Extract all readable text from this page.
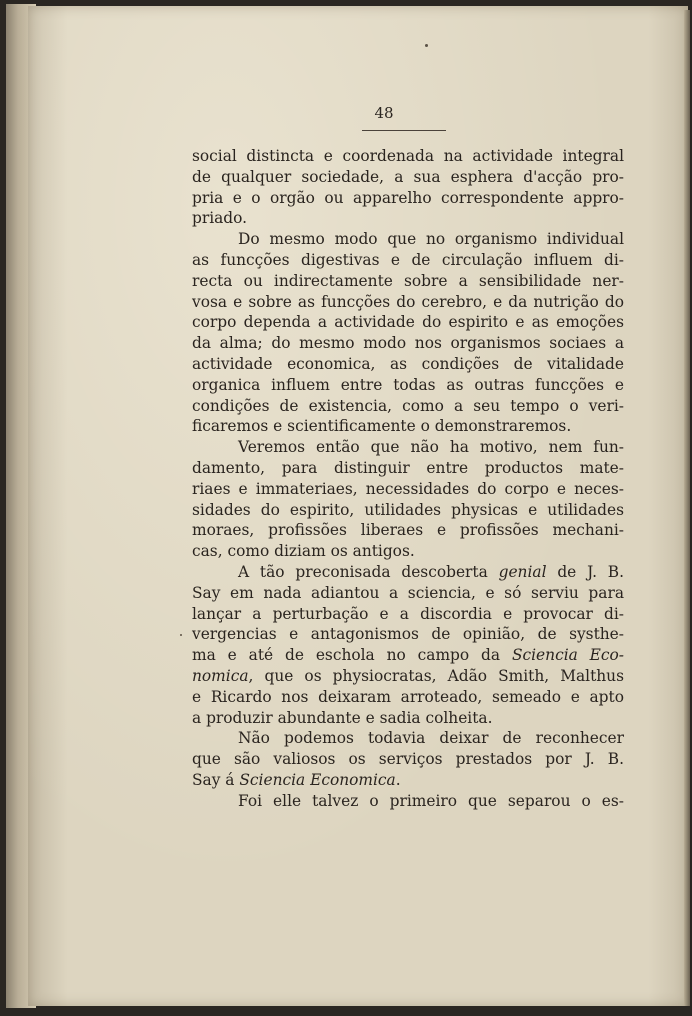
48
social distincta e coordenada na actividade integral
de qualquer sociedade, a sua esphera d'acção pro-
pria e o orgão ou apparelho correspondente appro-
priado.
Do mesmo modo que no organismo individual
as funcções digestivas e de circulação influem di-
recta ou indirectamente sobre a sensibilidade ner-
vosa e sobre as funcções do cerebro, e da nutrição do
corpo dependa a actividade do espirito e as emoções
da alma; do mesmo modo nos organismos sociaes a
actividade economica, as condições de vitalidade
organica influem entre todas as outras funcções e
condições de existencia, como a seu tempo o veri-
ficaremos e scientificamente o demonstraremos.
Veremos então que não ha motivo, nem fun-
damento, para distinguir entre productos mate-
riaes e immateriaes, necessidades do corpo e neces-
sidades do espirito, utilidades physicas e utilidades
moraes, profissões liberaes e profissões mechani-
cas, como diziam os antigos.
A tão preconisada descoberta genial de J. B.
Say em nada adiantou a sciencia, e só serviu para
lançar a perturbação e a discordia e provocar di-
vergencias e antagonismos de opinião, de systhe-
ma e até de eschola no campo da Sciencia Eco-
nomica, que os physiocratas, Adão Smith, Malthus
e Ricardo nos deixaram arroteado, semeado e apto
a produzir abundante e sadia colheita.
Não podemos todavia deixar de reconhecer
que são valiosos os serviços prestados por J. B.
Say á Sciencia Economica.
Foi elle talvez o primeiro que separou o es-
